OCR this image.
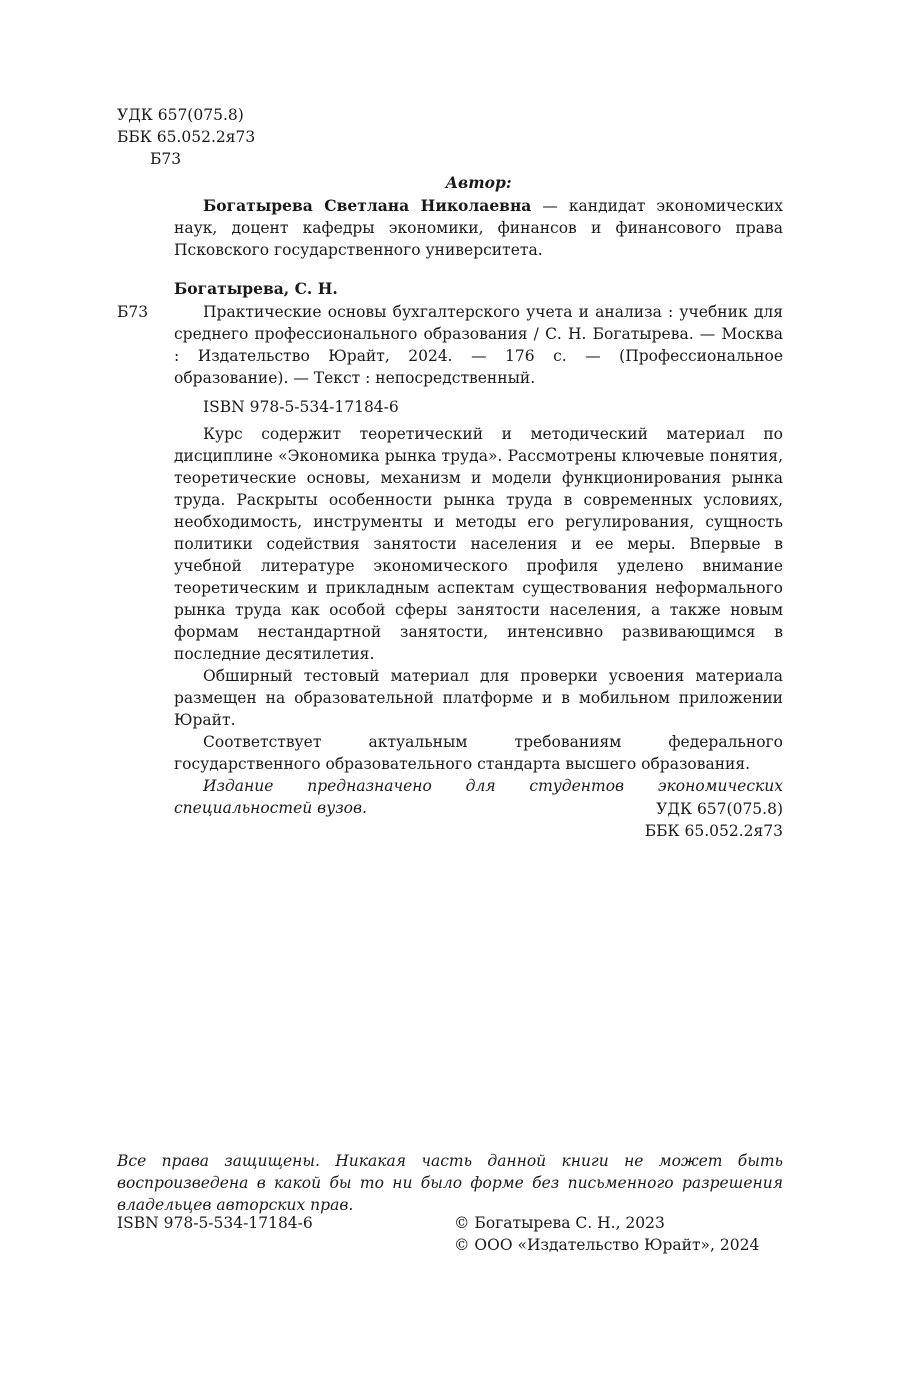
УДК 657(075.8)
ББК 65.052.2я73
Б73
Автор:
Богатырева Светлана Николаевна — кандидат экономических наук, доцент кафедры экономики, финансов и финансового права Псковского государственного университета.
Богатырева, С. Н.
Б73	Практические основы бухгалтерского учета и анализа : учебник для среднего профессионального образования / С. Н. Богатырева. — Москва : Издательство Юрайт, 2024. — 176 с. — (Профессиональное образование). — Текст : непосредственный.
ISBN 978-5-534-17184-6

Курс содержит теоретический и методический материал по дисциплине «Экономика рынка труда». Рассмотрены ключевые понятия, теоретические основы, механизм и модели функционирования рынка труда. Раскрыты особенности рынка труда в современных условиях, необходимость, инструменты и методы его регулирования, сущность политики содействия занятости населения и ее меры. Впервые в учебной литературе экономического профиля уделено внимание теоретическим и прикладным аспектам существования неформального рынка труда как особой сферы занятости населения, а также новым формам нестандартной занятости, интенсивно развивающимся в последние десятилетия.

Обширный тестовый материал для проверки усвоения материала размещен на образовательной платформе и в мобильном приложении Юрайт.

Соответствует актуальным требованиям федерального государственного образовательного стандарта высшего образования.

Издание предназначено для студентов экономических специальностей вузов.	УДК 657(075.8)
ББК 65.052.2я73
Все права защищены. Никакая часть данной книги не может быть воспроизведена в какой бы то ни было форме без письменного разрешения владельцев авторских прав.
ISBN 978-5-534-17184-6	© Богатырева С. Н., 2023
© ООО «Издательство Юрайт», 2024
